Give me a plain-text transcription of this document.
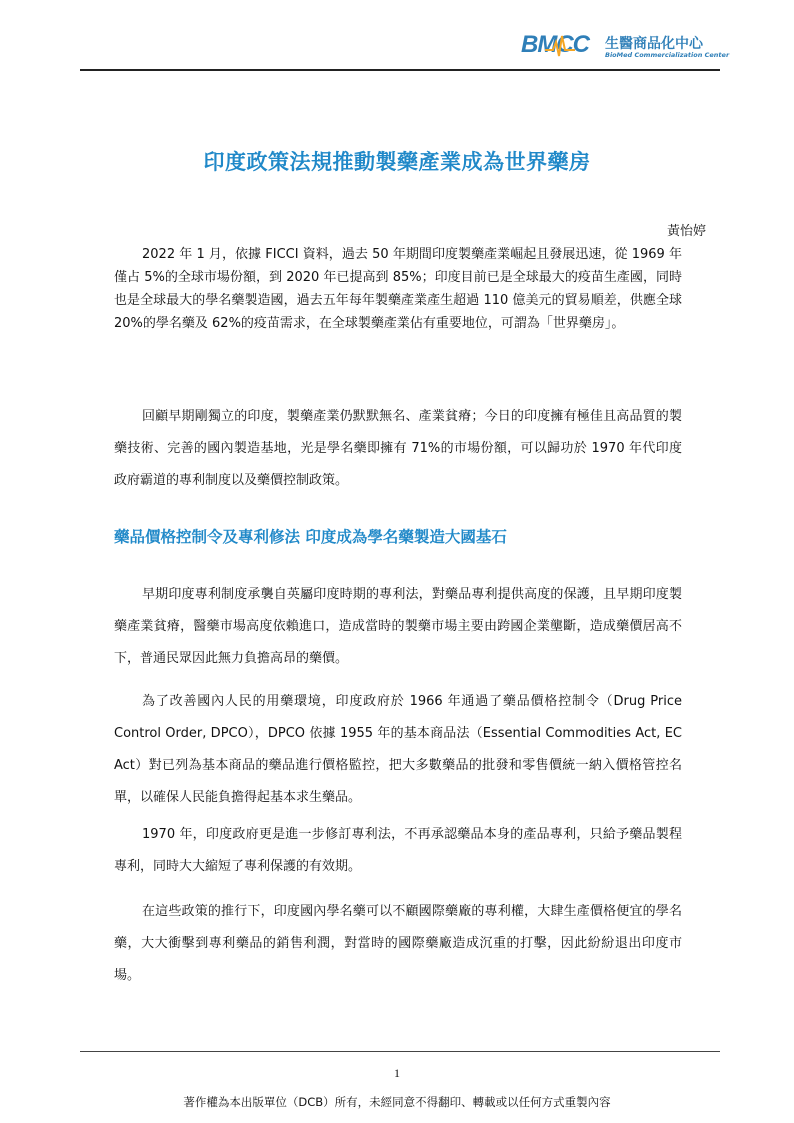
BMCC 生醫商品化中心
BioMed Commercialization Center
印度政策法規推動製藥產業成為世界藥房

黃怡婷

2022 年 1 月，依據 FICCI 資料，過去 50 年期間印度製藥產業崛起且發展迅速，從 1969 年僅占 5%的全球市場份額，到 2020 年已提高到 85%；印度目前已是全球最大的疫苗生產國，同時也是全球最大的學名藥製造國，過去五年每年製藥產業產生超過 110 億美元的貿易順差，供應全球 20%的學名藥及 62%的疫苗需求，在全球製藥產業佔有重要地位，可謂為「世界藥房」。

回顧早期剛獨立的印度，製藥產業仍默默無名、產業貧瘠；今日的印度擁有極佳且高品質的製藥技術、完善的國內製造基地，光是學名藥即擁有 71%的市場份額，可以歸功於 1970 年代印度政府霸道的專利制度以及藥價控制政策。

藥品價格控制令及專利修法 印度成為學名藥製造大國基石

早期印度專利制度承襲自英屬印度時期的專利法，對藥品專利提供高度的保護，且早期印度製藥產業貧瘠，醫藥市場高度依賴進口，造成當時的製藥市場主要由跨國企業壟斷，造成藥價居高不下，普通民眾因此無力負擔高昂的藥價。

為了改善國內人民的用藥環境，印度政府於 1966 年通過了藥品價格控制令（Drug Price Control Order, DPCO），DPCO 依據 1955 年的基本商品法（Essential Commodities Act, EC Act）對已列為基本商品的藥品進行價格監控，把大多數藥品的批發和零售價統一納入價格管控名單，以確保人民能負擔得起基本求生藥品。

1970 年，印度政府更是進一步修訂專利法，不再承認藥品本身的產品專利，只給予藥品製程專利，同時大大縮短了專利保護的有效期。

在這些政策的推行下，印度國內學名藥可以不顧國際藥廠的專利權，大肆生產價格便宜的學名藥，大大衝擊到專利藥品的銷售利潤，對當時的國際藥廠造成沉重的打擊，因此紛紛退出印度市場。

1

著作權為本出版單位（DCB）所有，未經同意不得翻印、轉載或以任何方式重製內容
